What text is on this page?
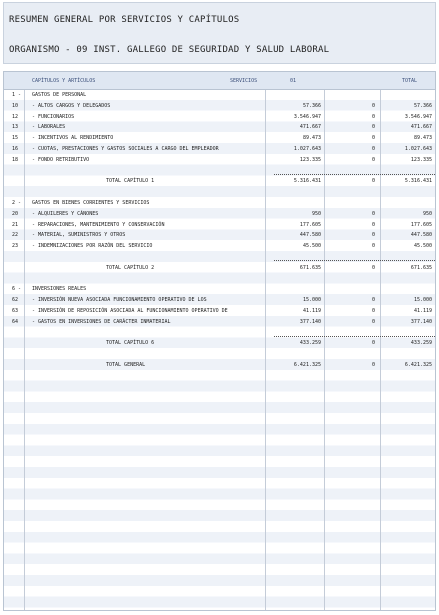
RESUMEN GENERAL POR SERVICIOS Y CAPÍTULOS
ORGANISMO - 09 INST. GALLEGO DE SEGURIDAD Y SALUD LABORAL
CAPÍTULOS Y ARTÍCULOS	SERVICIOS	01	TOTAL
1 - GASTOS DE PERSONAL
10	- ALTOS CARGOS Y DELEGADOS	57.366	0	57.366
12	- FUNCIONARIOS	3.546.947	0	3.546.947
13	- LABORALES	471.667	0	471.667
15	- INCENTIVOS AL RENDIMIENTO	89.473	0	89.473
16	- CUOTAS, PRESTACIONES Y GASTOS SOCIALES A CARGO DEL EMPLEADOR	1.027.643	0	1.027.643
18	- FONDO RETRIBUTIVO	123.335	0	123.335
TOTAL CAPÍTULO 1	5.316.431	0	5.316.431
2 - GASTOS EN BIENES CORRIENTES Y SERVICIOS
20	- ALQUILERES Y CÁNONES	950	0	950
21	- REPARACIONES, MANTENIMIENTO Y CONSERVACIÓN	177.605	0	177.605
22	- MATERIAL, SUMINISTROS Y OTROS	447.580	0	447.580
23	- INDEMNIZACIONES POR RAZÓN DEL SERVICIO	45.500	0	45.500
TOTAL CAPÍTULO 2	671.635	0	671.635
6 - INVERSIONES REALES
62	- INVERSIÓN NUEVA ASOCIADA FUNCIONAMIENTO OPERATIVO DE LOS	15.000	0	15.000
63	- INVERSIÓN DE REPOSICIÓN ASOCIADA AL FUNCIONAMIENTO OPERATIVO DE	41.119	0	41.119
64	- GASTOS EN INVERSIONES DE CARÁCTER INMATERIAL	377.140	0	377.140
TOTAL CAPÍTULO 6	433.259	0	433.259
TOTAL GENERAL	6.421.325	0	6.421.325
